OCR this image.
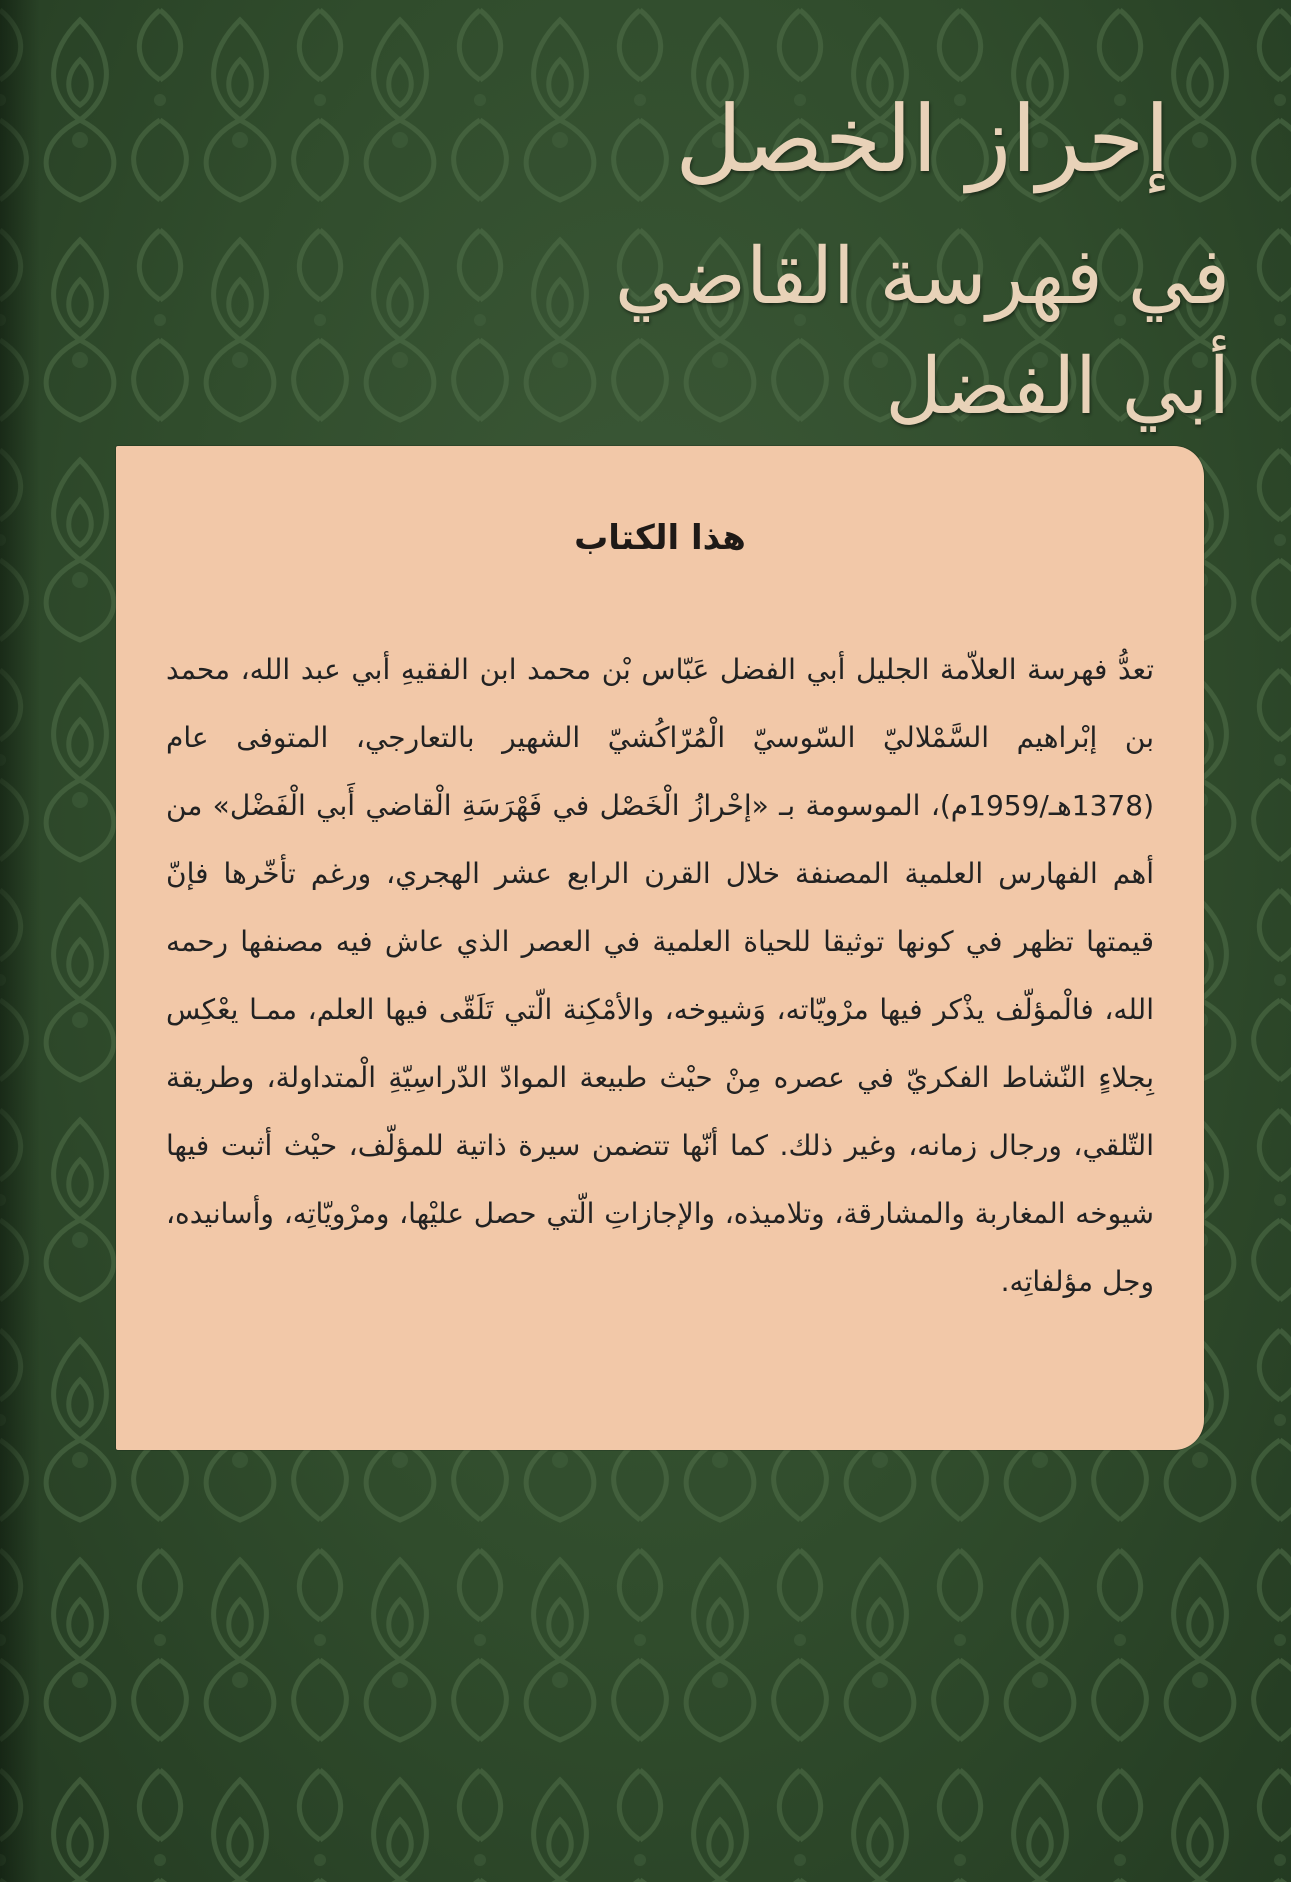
إحراز الخصل
في فهرسة القاضي أبي الفضل
هذا الكتاب
تعدُّ فهرسة العلاّمة الجليل أبي الفضل عَبّاس بْن محمد ابن الفقيهِ أبي عبد الله، محمد بن إبْراهيم السَّمْلاليّ السّوسيّ الْمُرّاكُشيّ الشهير بالتعارجي، المتوفى عام (1378هـ/1959م)، الموسومة بـ «إحْرازُ الْخَصْل في فَهْرَسَةِ الْقاضي أَبي الْفَضْل» من أهم الفهارس العلمية المصنفة خلال القرن الرابع عشر الهجري، ورغم تأخّرها فإنّ قيمتها تظهر في كونها توثيقا للحياة العلمية في العصر الذي عاش فيه مصنفها رحمه الله، فالْمؤلّف يذْكر فيها مرْويّاته، وَشيوخه، والأمْكِنة الّتي تَلَقّى فيها العلم، ممـا يعْكِس بِجلاءٍ النّشاط الفكريّ في عصره مِنْ حيْث طبيعة الموادّ الدّراسِيّةِ الْمتداولة، وطريقة التّلقي، ورجال زمانه، وغير ذلك. كما أنّها تتضمن سيرة ذاتية للمؤلّف، حيْث أثبت فيها شيوخه المغاربة والمشارقة، وتلاميذه، والإجازاتِ الّتي حصل عليْها، ومرْويّاتِه، وأسانيده، وجل مؤلفاتِه.
